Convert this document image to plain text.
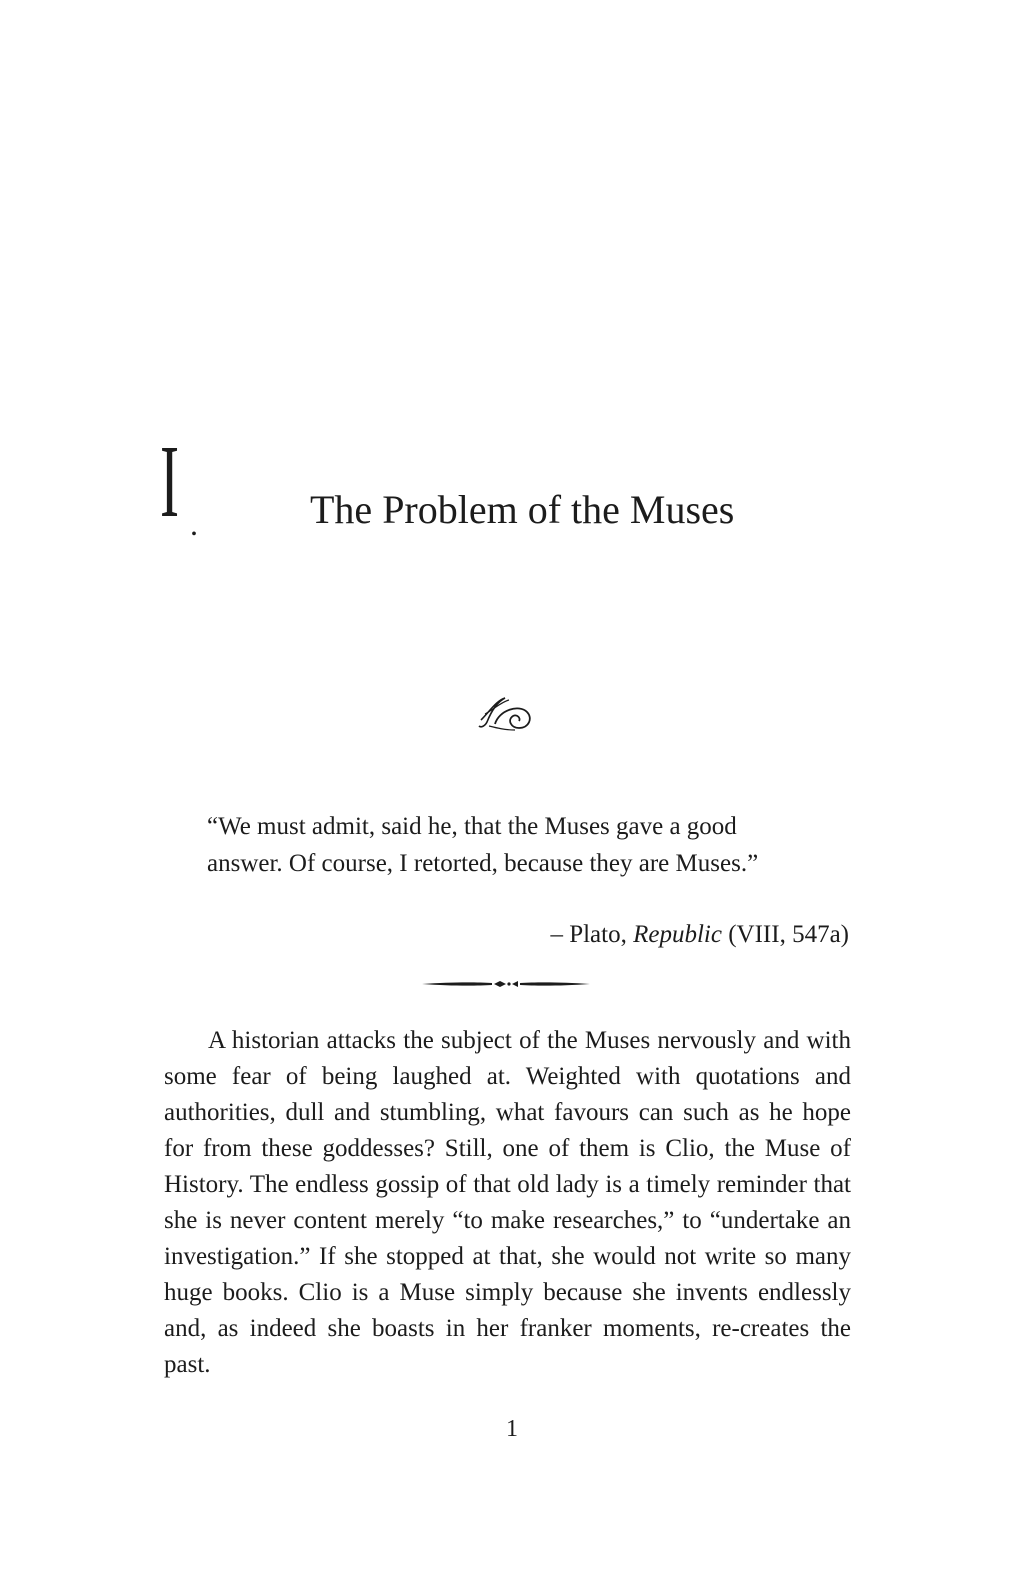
I .	The Problem of the Muses

“We must admit, said he, that the Muses gave a good answer. Of course, I retorted, because they are Muses.”

– Plato, Republic (VIII, 547a)

A historian attacks the subject of the Muses nervously and with some fear of being laughed at. Weighted with quotations and authorities, dull and stumbling, what favours can such as he hope for from these goddesses? Still, one of them is Clio, the Muse of History. The endless gossip of that old lady is a timely reminder that she is never content merely “to make researches,” to “undertake an investigation.” If she stopped at that, she would not write so many huge books. Clio is a Muse simply because she invents endlessly and, as indeed she boasts in her franker moments, re-creates the past.

1
